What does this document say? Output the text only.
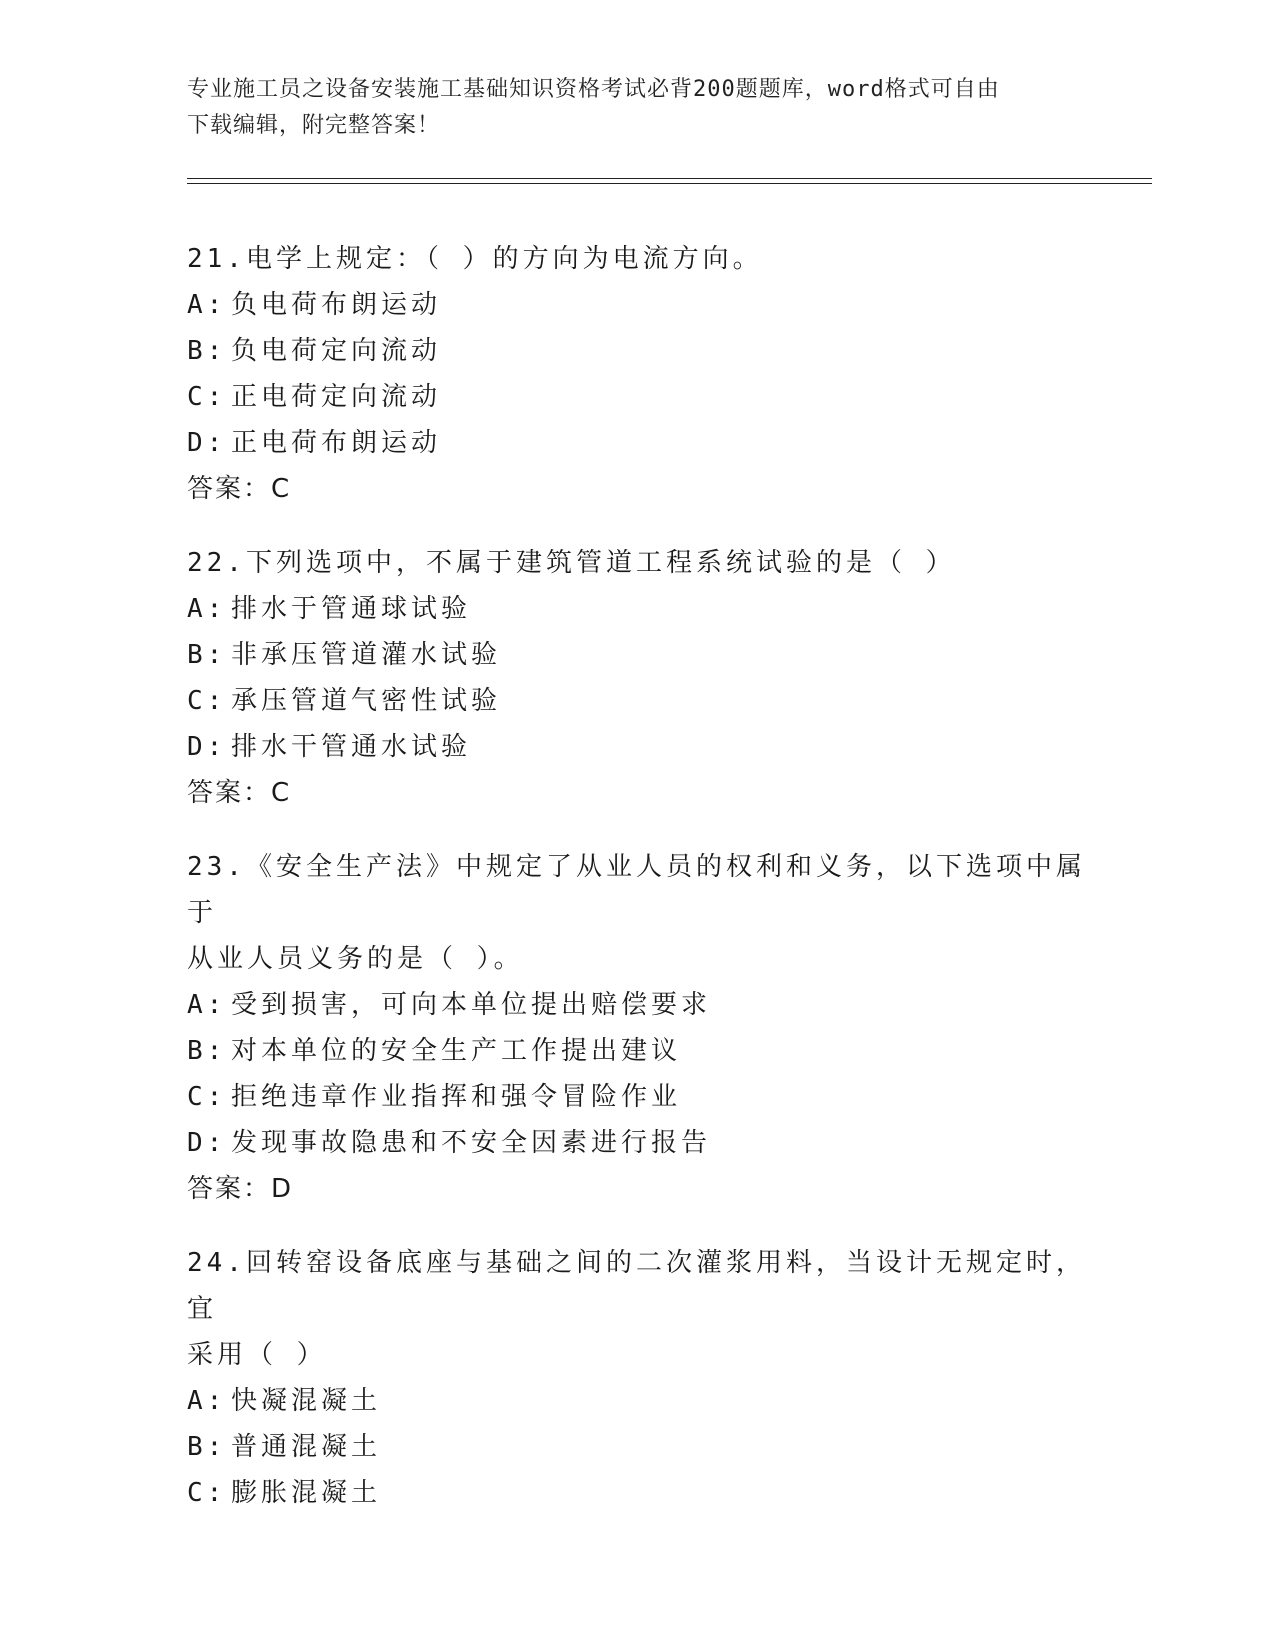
专业施工员之设备安装施工基础知识资格考试必背200题题库，word格式可自由
下载编辑，附完整答案！
21.电学上规定：（ ）的方向为电流方向。
A: 负电荷布朗运动
B: 负电荷定向流动
C: 正电荷定向流动
D: 正电荷布朗运动
答案：C
22.下列选项中，不属于建筑管道工程系统试验的是（ ）
A: 排水于管通球试验
B: 非承压管道灌水试验
C: 承压管道气密性试验
D: 排水干管通水试验
答案：C
23.《安全生产法》中规定了从业人员的权利和义务，以下选项中属于
从业人员义务的是（ ）。
A: 受到损害，可向本单位提出赔偿要求
B: 对本单位的安全生产工作提出建议
C: 拒绝违章作业指挥和强令冒险作业
D: 发现事故隐患和不安全因素进行报告
答案：D
24.回转窑设备底座与基础之间的二次灌浆用料，当设计无规定时，宜
采用（ ）
A: 快凝混凝土
B: 普通混凝土
C: 膨胀混凝土
